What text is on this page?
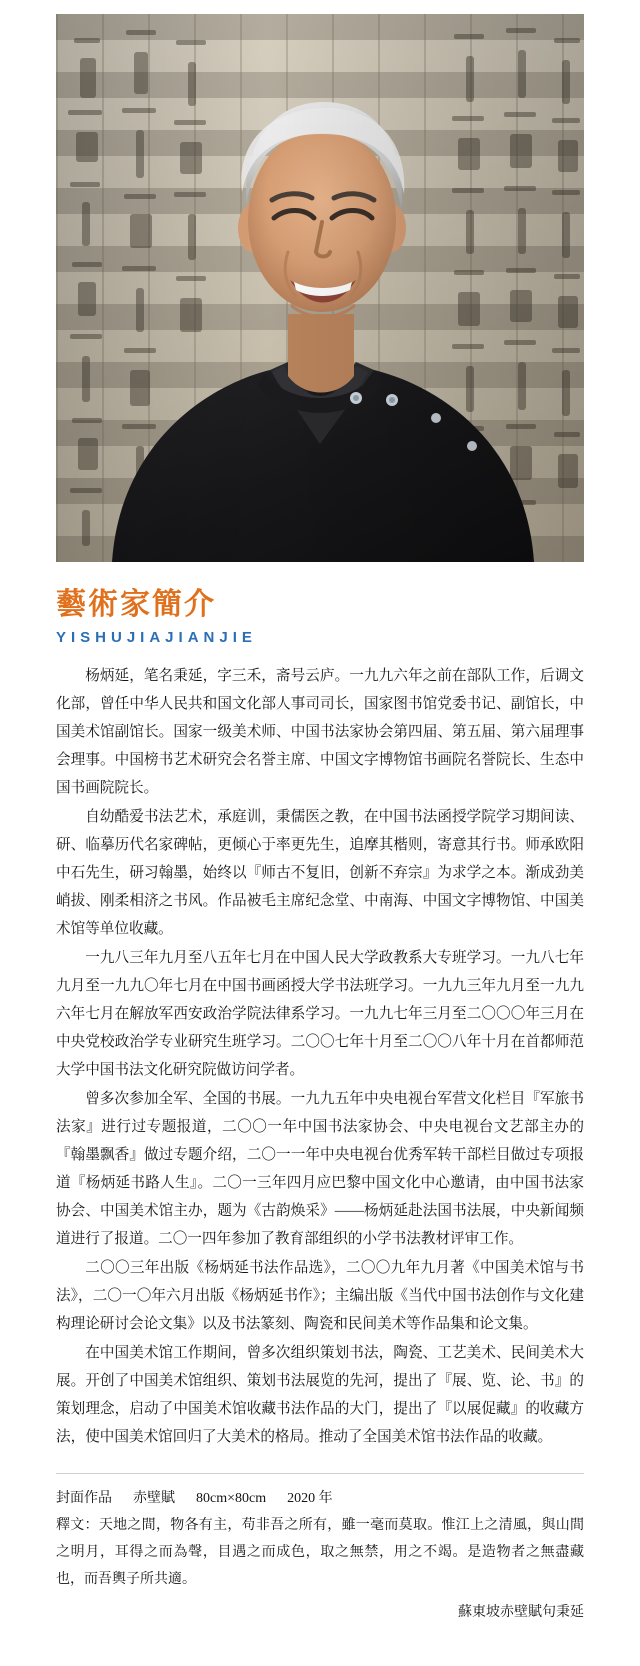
藝術家簡介
YISHUJIAJIANJIE

杨炳延，笔名秉延，字三禾，斋号云庐。一九九六年之前在部队工作，后调文化部，曾任中华人民共和国文化部人事司司长，国家图书馆党委书记、副馆长，中国美术馆副馆长。国家一级美术师、中国书法家协会第四届、第五届、第六届理事会理事。中国榜书艺术研究会名誉主席、中国文字博物馆书画院名誉院长、生态中国书画院院长。

自幼酷爱书法艺术，承庭训，秉儒医之教，在中国书法函授学院学习期间读、研、临摹历代名家碑帖，更倾心于率更先生，追摩其楷则，寄意其行书。师承欧阳中石先生，研习翰墨，始终以『师古不复旧，创新不弃宗』为求学之本。渐成劲美峭拔、刚柔相济之书风。作品被毛主席纪念堂、中南海、中国文字博物馆、中国美术馆等单位收藏。

一九八三年九月至八五年七月在中国人民大学政教系大专班学习。一九八七年九月至一九九〇年七月在中国书画函授大学书法班学习。一九九三年九月至一九九六年七月在解放军西安政治学院法律系学习。一九九七年三月至二〇〇〇年三月在中央党校政治学专业研究生班学习。二〇〇七年十月至二〇〇八年十月在首都师范大学中国书法文化研究院做访问学者。

曾多次参加全军、全国的书展。一九九五年中央电视台军营文化栏目『军旅书法家』进行过专题报道，二〇〇一年中国书法家协会、中央电视台文艺部主办的『翰墨飘香』做过专题介绍，二〇一一年中央电视台优秀军转干部栏目做过专项报道『杨炳延书路人生』。二〇一三年四月应巴黎中国文化中心邀请，由中国书法家协会、中国美术馆主办，题为《古韵焕采》——杨炳延赴法国书法展，中央新闻频道进行了报道。二〇一四年参加了教育部组织的小学书法教材评审工作。

二〇〇三年出版《杨炳延书法作品选》，二〇〇九年九月著《中国美术馆与书法》，二〇一〇年六月出版《杨炳延书作》；主编出版《当代中国书法创作与文化建构理论研讨会论文集》以及书法篆刻、陶瓷和民间美术等作品集和论文集。

在中国美术馆工作期间，曾多次组织策划书法，陶瓷、工艺美术、民间美术大展。开创了中国美术馆组织、策划书法展览的先河，提出了『展、览、论、书』的策划理念，启动了中国美术馆收藏书法作品的大门，提出了『以展促藏』的收藏方法，使中国美术馆回归了大美术的格局。推动了全国美术馆书法作品的收藏。

封面作品 赤壁賦 80cm×80cm 2020 年
釋文：天地之間，物各有主，苟非吾之所有，雖一毫而莫取。惟江上之清風，與山間之明月，耳得之而為聲，目遇之而成色，取之無禁，用之不竭。是造物者之無盡藏也，而吾輿子所共適。
蘇東坡赤壁賦句秉延
